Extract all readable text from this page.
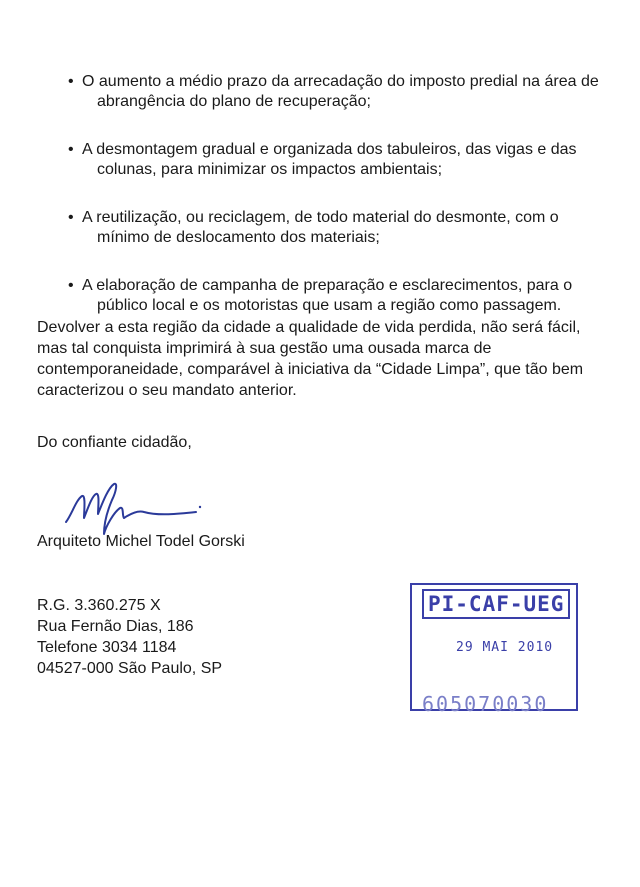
• O aumento a médio prazo da arrecadação do imposto predial na área de
abrangência do plano de recuperação;
• A desmontagem gradual e organizada dos tabuleiros, das vigas e das
colunas, para minimizar os impactos ambientais;
• A reutilização, ou reciclagem, de todo material do desmonte, com o
mínimo de deslocamento dos materiais;
• A elaboração de campanha de preparação e esclarecimentos, para o
público local e os motoristas que usam a região como passagem.

Devolver a esta região da cidade a qualidade de vida perdida, não será fácil,
mas tal conquista imprimirá à sua gestão uma ousada marca de
contemporaneidade, comparável à iniciativa da “Cidade Limpa”, que tão bem
caracterizou o seu mandato anterior.

Do confiante cidadão,

Arquiteto Michel Todel Gorski

R.G. 3.360.275 X
Rua Fernão Dias, 186
Telefone 3034 1184
04527-000 São Paulo, SP

PI-CAF-UEG
29 MAI 2010
605070030
